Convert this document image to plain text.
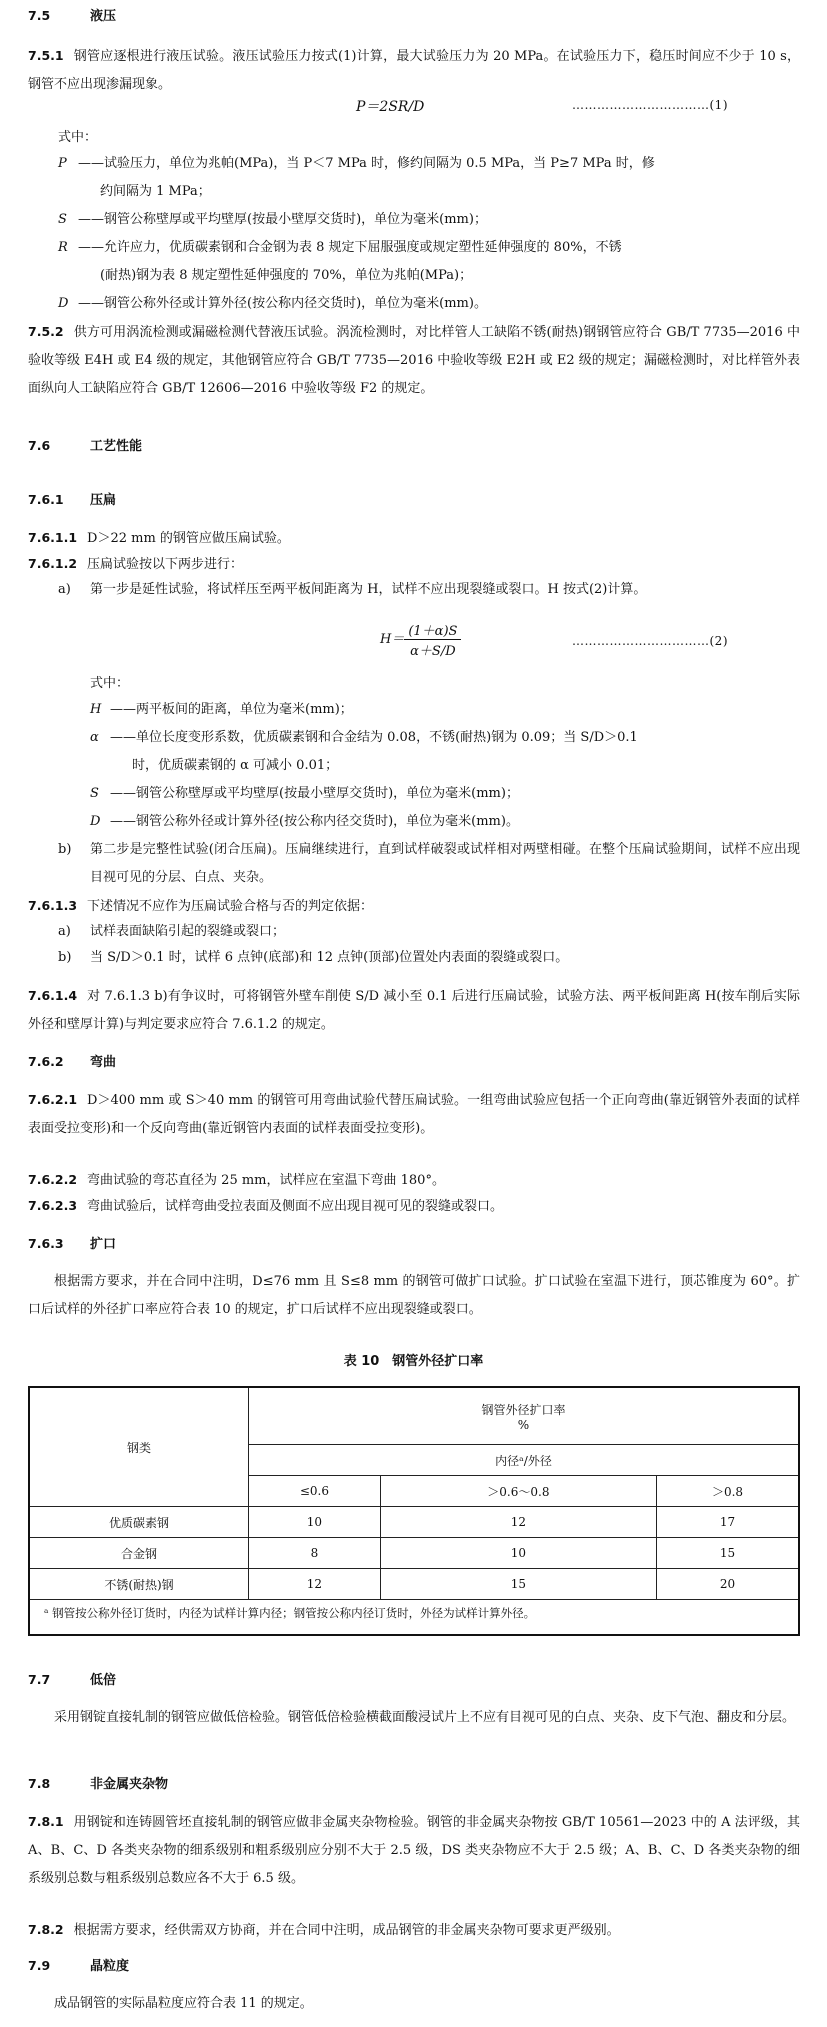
7.5	液压
7.5.1 钢管应逐根进行液压试验。液压试验压力按式(1)计算，最大试验压力为 20 MPa。在试验压力下，稳压时间应不少于 10 s，钢管不应出现渗漏现象。
P＝2SR/D	……………………………(1)
式中：
P ——试验压力，单位为兆帕(MPa)，当 P＜7 MPa 时，修约间隔为 0.5 MPa，当 P≥7 MPa 时，修
约间隔为 1 MPa；
S ——钢管公称壁厚或平均壁厚(按最小壁厚交货时)，单位为毫米(mm)；
R ——允许应力，优质碳素钢和合金钢为表 8 规定下屈服强度或规定塑性延伸强度的 80%，不锈
(耐热)钢为表 8 规定塑性延伸强度的 70%，单位为兆帕(MPa)；
D ——钢管公称外径或计算外径(按公称内径交货时)，单位为毫米(mm)。
7.5.2 供方可用涡流检测或漏磁检测代替液压试验。涡流检测时，对比样管人工缺陷不锈(耐热)钢钢管应符合 GB/T 7735—2016 中验收等级 E4H 或 E4 级的规定，其他钢管应符合 GB/T 7735—2016 中验收等级 E2H 或 E2 级的规定；漏磁检测时，对比样管外表面纵向人工缺陷应符合 GB/T 12606—2016 中验收等级 F2 的规定。
7.6	工艺性能
7.6.1 压扁
7.6.1.1 D＞22 mm 的钢管应做压扁试验。
7.6.1.2 压扁试验按以下两步进行：
a) 第一步是延性试验，将试样压至两平板间距离为 H，试样不应出现裂缝或裂口。H 按式(2)计算。
$H= \frac{(1+\alpha)S}{\alpha+S/D}$	……………………………(2)
式中：
H ——两平板间的距离，单位为毫米(mm)；
α ——单位长度变形系数，优质碳素钢和合金结为 0.08，不锈(耐热)钢为 0.09；当 S/D＞0.1
时，优质碳素钢的 α 可减小 0.01；
S ——钢管公称壁厚或平均壁厚(按最小壁厚交货时)，单位为毫米(mm)；
D ——钢管公称外径或计算外径(按公称内径交货时)，单位为毫米(mm)。
b) 第二步是完整性试验(闭合压扁)。压扁继续进行，直到试样破裂或试样相对两壁相碰。在整个压扁试验期间，试样不应出现目视可见的分层、白点、夹杂。
7.6.1.3 下述情况不应作为压扁试验合格与否的判定依据：
a) 试样表面缺陷引起的裂缝或裂口；
b) 当 S/D＞0.1 时，试样 6 点钟(底部)和 12 点钟(顶部)位置处内表面的裂缝或裂口。
7.6.1.4 对 7.6.1.3 b)有争议时，可将钢管外壁车削使 S/D 减小至 0.1 后进行压扁试验，试验方法、两平板间距离 H(按车削后实际外径和壁厚计算)与判定要求应符合 7.6.1.2 的规定。
7.6.2 弯曲
7.6.2.1 D＞400 mm 或 S＞40 mm 的钢管可用弯曲试验代替压扁试验。一组弯曲试验应包括一个正向弯曲(靠近钢管外表面的试样表面受拉变形)和一个反向弯曲(靠近钢管内表面的试样表面受拉变形)。
7.6.2.2 弯曲试验的弯芯直径为 25 mm，试样应在室温下弯曲 180°。
7.6.2.3 弯曲试验后，试样弯曲受拉表面及侧面不应出现目视可见的裂缝或裂口。
7.6.3 扩口
根据需方要求，并在合同中注明，D≤76 mm 且 S≤8 mm 的钢管可做扩口试验。扩口试验在室温下进行，顶芯锥度为 60°。扩口后试样的外径扩口率应符合表 10 的规定，扩口后试样不应出现裂缝或裂口。
表 10　钢管外径扩口率
钢类	钢管外径扩口率
%		

	内径ᵃ/外径		
	≤0.6	＞0.6～0.8	＞0.8
优质碳素钢	10	12	17
合金钢	8	10	15
不锈(耐热)钢	12	15	20

ᵃ 钢管按公称外径订货时，内径为试样计算内径；钢管按公称内径订货时，外径为试样计算外径。
7.7	低倍
采用钢锭直接轧制的钢管应做低倍检验。钢管低倍检验横截面酸浸试片上不应有目视可见的白点、夹杂、皮下气泡、翻皮和分层。
7.8	非金属夹杂物
7.8.1 用钢锭和连铸圆管坯直接轧制的钢管应做非金属夹杂物检验。钢管的非金属夹杂物按 GB/T 10561—2023 中的 A 法评级，其 A、B、C、D 各类夹杂物的细系级别和粗系级别应分别不大于 2.5 级，DS 类夹杂物应不大于 2.5 级；A、B、C、D 各类夹杂物的细系级别总数与粗系级别总数应各不大于 6.5 级。
7.8.2 根据需方要求，经供需双方协商，并在合同中注明，成品钢管的非金属夹杂物可要求更严级别。
7.9	晶粒度
成品钢管的实际晶粒度应符合表 11 的规定。
